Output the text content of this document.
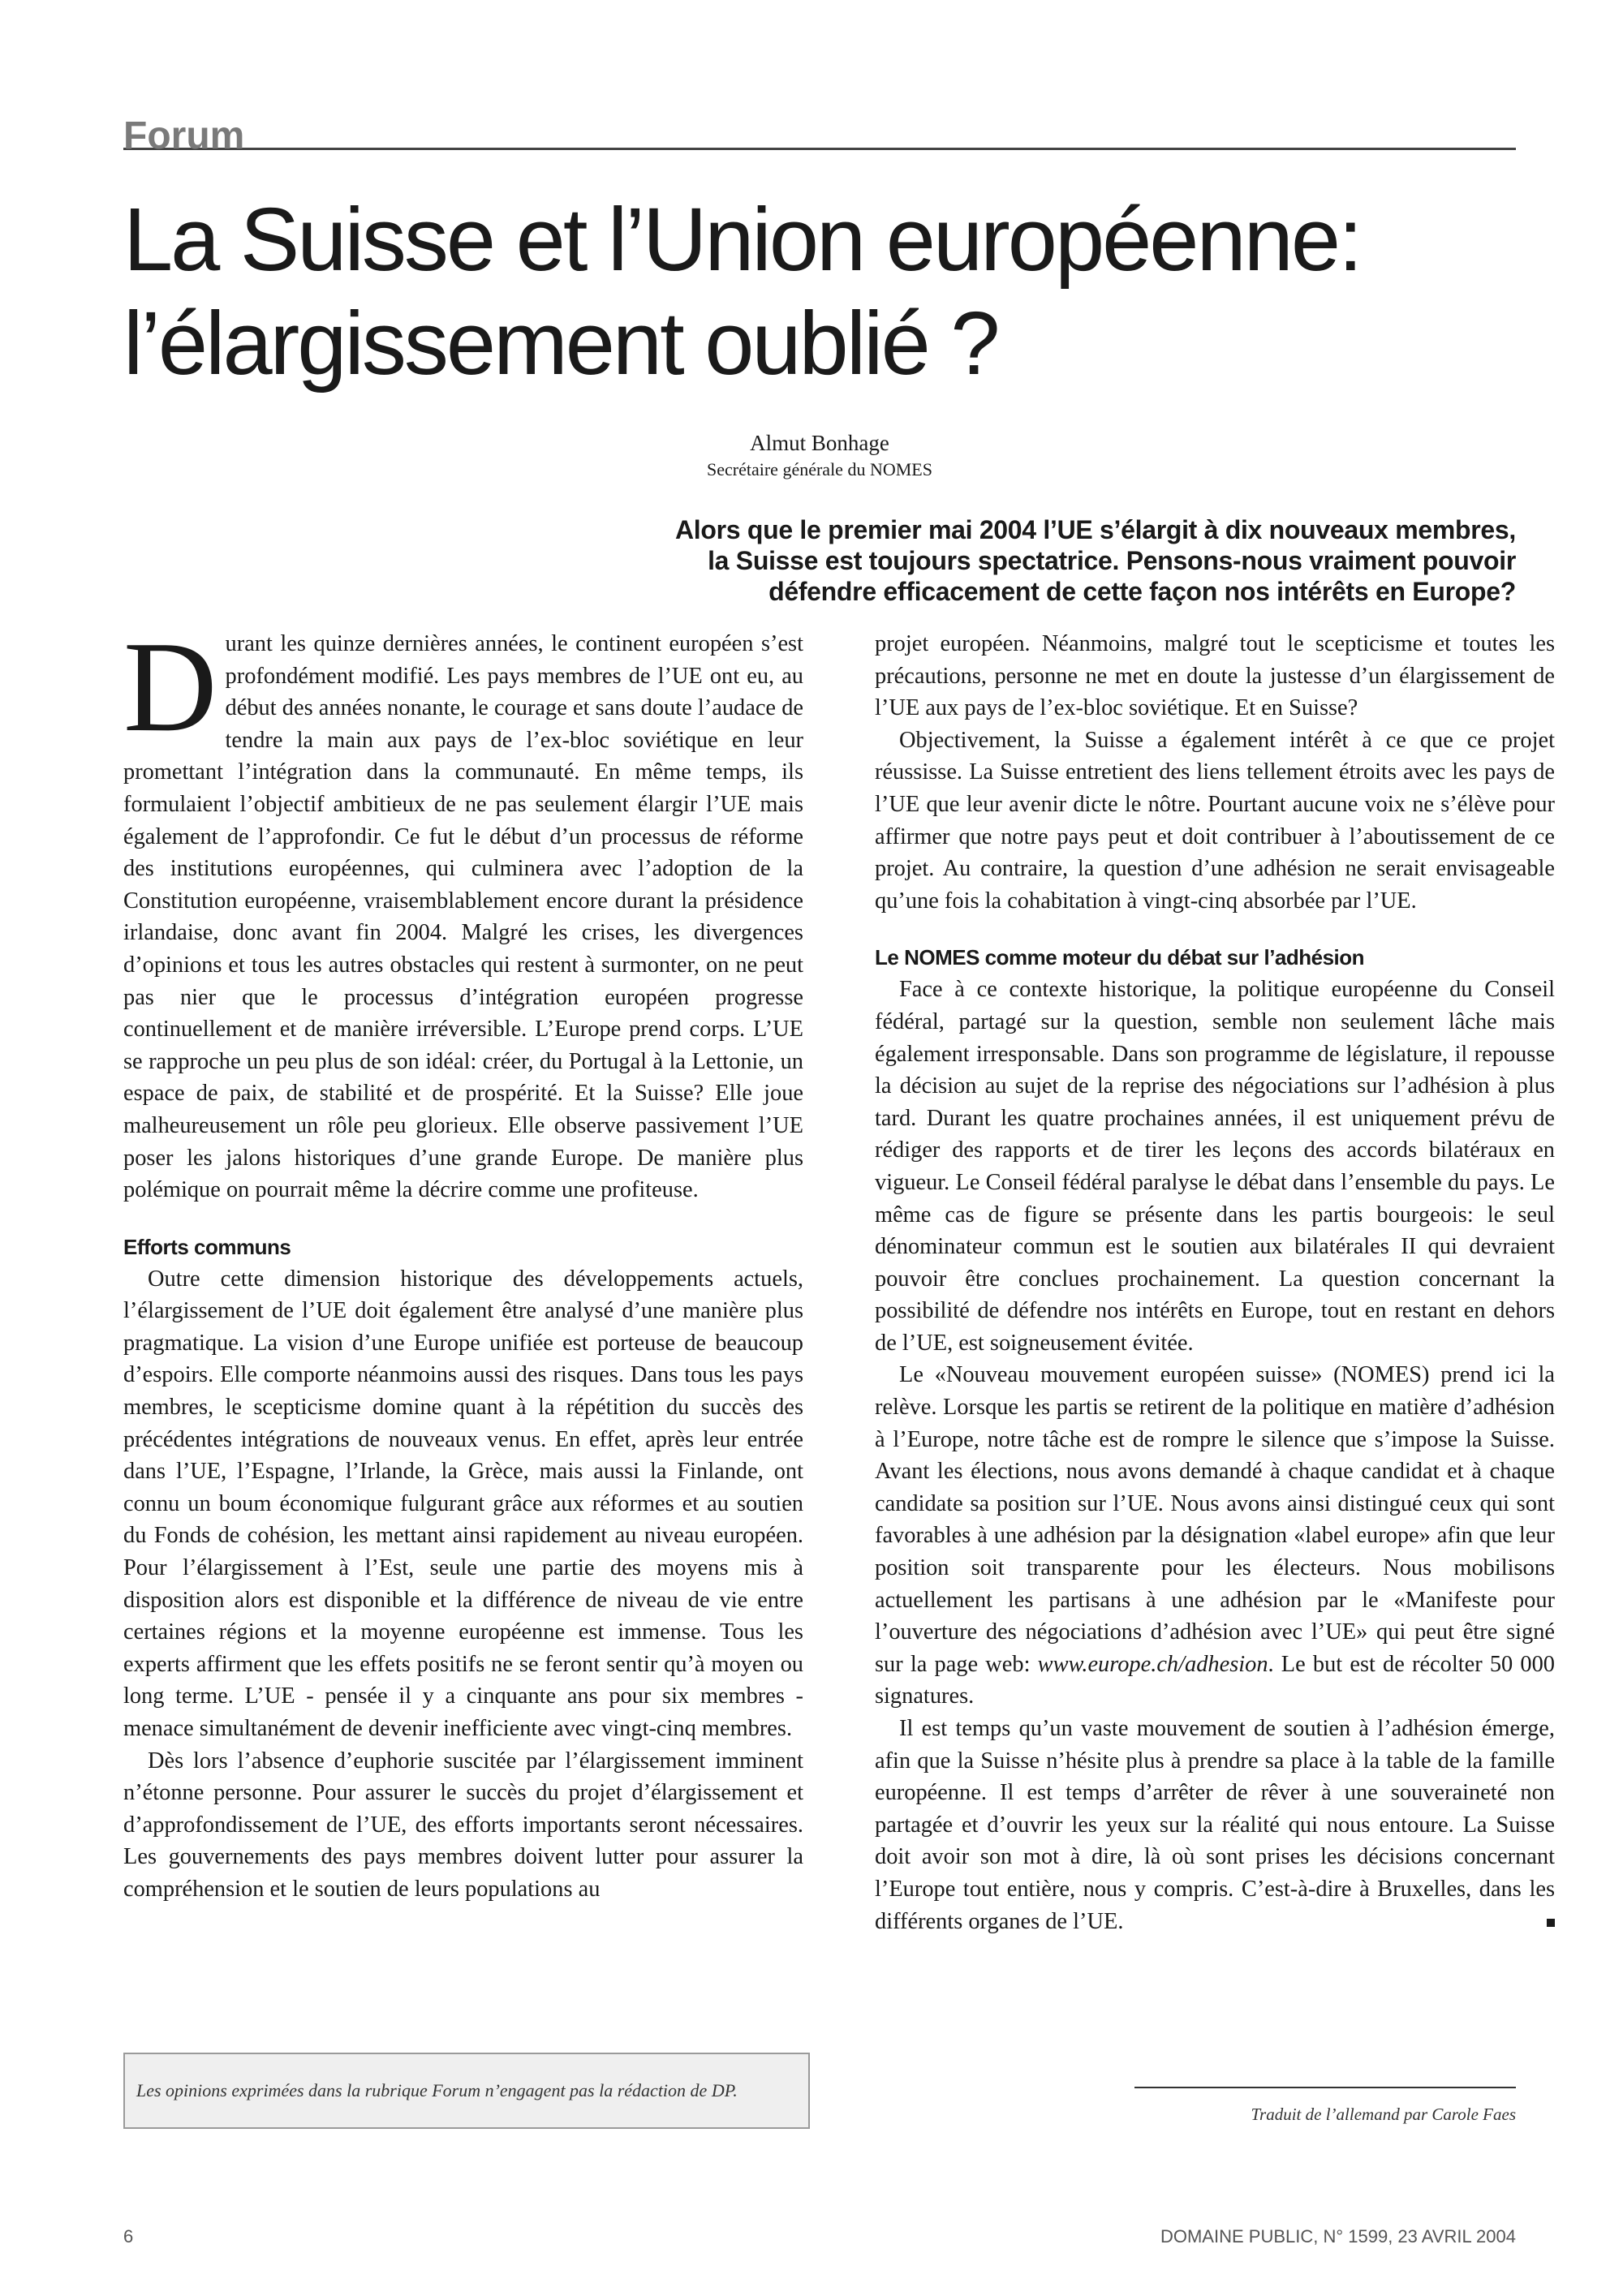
Forum
La Suisse et l’Union européenne:
l’élargissement oublié ?
Almut Bonhage
Secrétaire générale du NOMES
Alors que le premier mai 2004 l’UE s’élargit à dix nouveaux membres,
la Suisse est toujours spectatrice. Pensons-nous vraiment pouvoir
défendre efficacement de cette façon nos intérêts en Europe?

Durant les quinze dernières années, le continent européen s’est profondément modifié. Les pays membres de l’UE ont eu, au début des années nonante, le courage et sans doute l’audace de tendre la main aux pays de l’ex-bloc soviétique en leur promettant l’intégration dans la communauté. En même temps, ils formulaient l’objectif ambitieux de ne pas seulement élargir l’UE mais également de l’approfondir. Ce fut le début d’un processus de réforme des institutions européennes, qui culminera avec l’adoption de la Constitution européenne, vraisemblablement encore durant la présidence irlandaise, donc avant fin 2004. Malgré les crises, les divergences d’opinions et tous les autres obstacles qui restent à surmonter, on ne peut pas nier que le processus d’intégration européen progresse continuellement et de manière irréversible. L’Europe prend corps. L’UE se rapproche un peu plus de son idéal: créer, du Portugal à la Lettonie, un espace de paix, de stabilité et de prospérité. Et la Suisse? Elle joue malheureusement un rôle peu glorieux. Elle observe passivement l’UE poser les jalons historiques d’une grande Europe. De manière plus polémique on pourrait même la décrire comme une profiteuse.

Efforts communs

Outre cette dimension historique des développements actuels, l’élargissement de l’UE doit également être analysé d’une manière plus pragmatique. La vision d’une Europe unifiée est porteuse de beaucoup d’espoirs. Elle comporte néanmoins aussi des risques. Dans tous les pays membres, le scepticisme domine quant à la répétition du succès des précédentes intégrations de nouveaux venus. En effet, après leur entrée dans l’UE, l’Espagne, l’Irlande, la Grèce, mais aussi la Finlande, ont connu un boum économique fulgurant grâce aux réformes et au soutien du Fonds de cohésion, les mettant ainsi rapidement au niveau européen. Pour l’élargissement à l’Est, seule une partie des moyens mis à disposition alors est disponible et la différence de niveau de vie entre certaines régions et la moyenne européenne est immense. Tous les experts affirment que les effets positifs ne se feront sentir qu’à moyen ou long terme. L’UE - pensée il y a cinquante ans pour six membres - menace simultanément de devenir inefficiente avec vingt-cinq membres.

Dès lors l’absence d’euphorie suscitée par l’élargissement imminent n’étonne personne. Pour assurer le succès du projet d’élargissement et d’approfondissement de l’UE, des efforts importants seront nécessaires. Les gouvernements des pays membres doivent lutter pour assurer la compréhension et le soutien de leurs populations au

projet européen. Néanmoins, malgré tout le scepticisme et toutes les précautions, personne ne met en doute la justesse d’un élargissement de l’UE aux pays de l’ex-bloc soviétique. Et en Suisse?

Objectivement, la Suisse a également intérêt à ce que ce projet réussisse. La Suisse entretient des liens tellement étroits avec les pays de l’UE que leur avenir dicte le nôtre. Pourtant aucune voix ne s’élève pour affirmer que notre pays peut et doit contribuer à l’aboutissement de ce projet. Au contraire, la question d’une adhésion ne serait envisageable qu’une fois la cohabitation à vingt-cinq absorbée par l’UE.

Le NOMES comme moteur du débat sur l’adhésion

Face à ce contexte historique, la politique européenne du Conseil fédéral, partagé sur la question, semble non seulement lâche mais également irresponsable. Dans son programme de législature, il repousse la décision au sujet de la reprise des négociations sur l’adhésion à plus tard. Durant les quatre prochaines années, il est uniquement prévu de rédiger des rapports et de tirer les leçons des accords bilatéraux en vigueur. Le Conseil fédéral paralyse le débat dans l’ensemble du pays. Le même cas de figure se présente dans les partis bourgeois: le seul dénominateur commun est le soutien aux bilatérales II qui devraient pouvoir être conclues prochainement. La question concernant la possibilité de défendre nos intérêts en Europe, tout en restant en dehors de l’UE, est soigneusement évitée.

Le «Nouveau mouvement européen suisse» (NOMES) prend ici la relève. Lorsque les partis se retirent de la politique en matière d’adhésion à l’Europe, notre tâche est de rompre le silence que s’impose la Suisse. Avant les élections, nous avons demandé à chaque candidat et à chaque candidate sa position sur l’UE. Nous avons ainsi distingué ceux qui sont favorables à une adhésion par la désignation «label europe» afin que leur position soit transparente pour les électeurs. Nous mobilisons actuellement les partisans à une adhésion par le «Manifeste pour l’ouverture des négociations d’adhésion avec l’UE» qui peut être signé sur la page web: www.europe.ch/adhesion. Le but est de récolter 50 000 signatures.

Il est temps qu’un vaste mouvement de soutien à l’adhésion émerge, afin que la Suisse n’hésite plus à prendre sa place à la table de la famille européenne. Il est temps d’arrêter de rêver à une souveraineté non partagée et d’ouvrir les yeux sur la réalité qui nous entoure. La Suisse doit avoir son mot à dire, là où sont prises les décisions concernant l’Europe tout entière, nous y compris. C’est-à-dire à Bruxelles, dans les différents organes de l’UE.

Les opinions exprimées dans la rubrique Forum n’engagent pas la rédaction de DP.
Traduit de l’allemand par Carole Faes
6	DOMAINE PUBLIC, N° 1599, 23 AVRIL 2004
